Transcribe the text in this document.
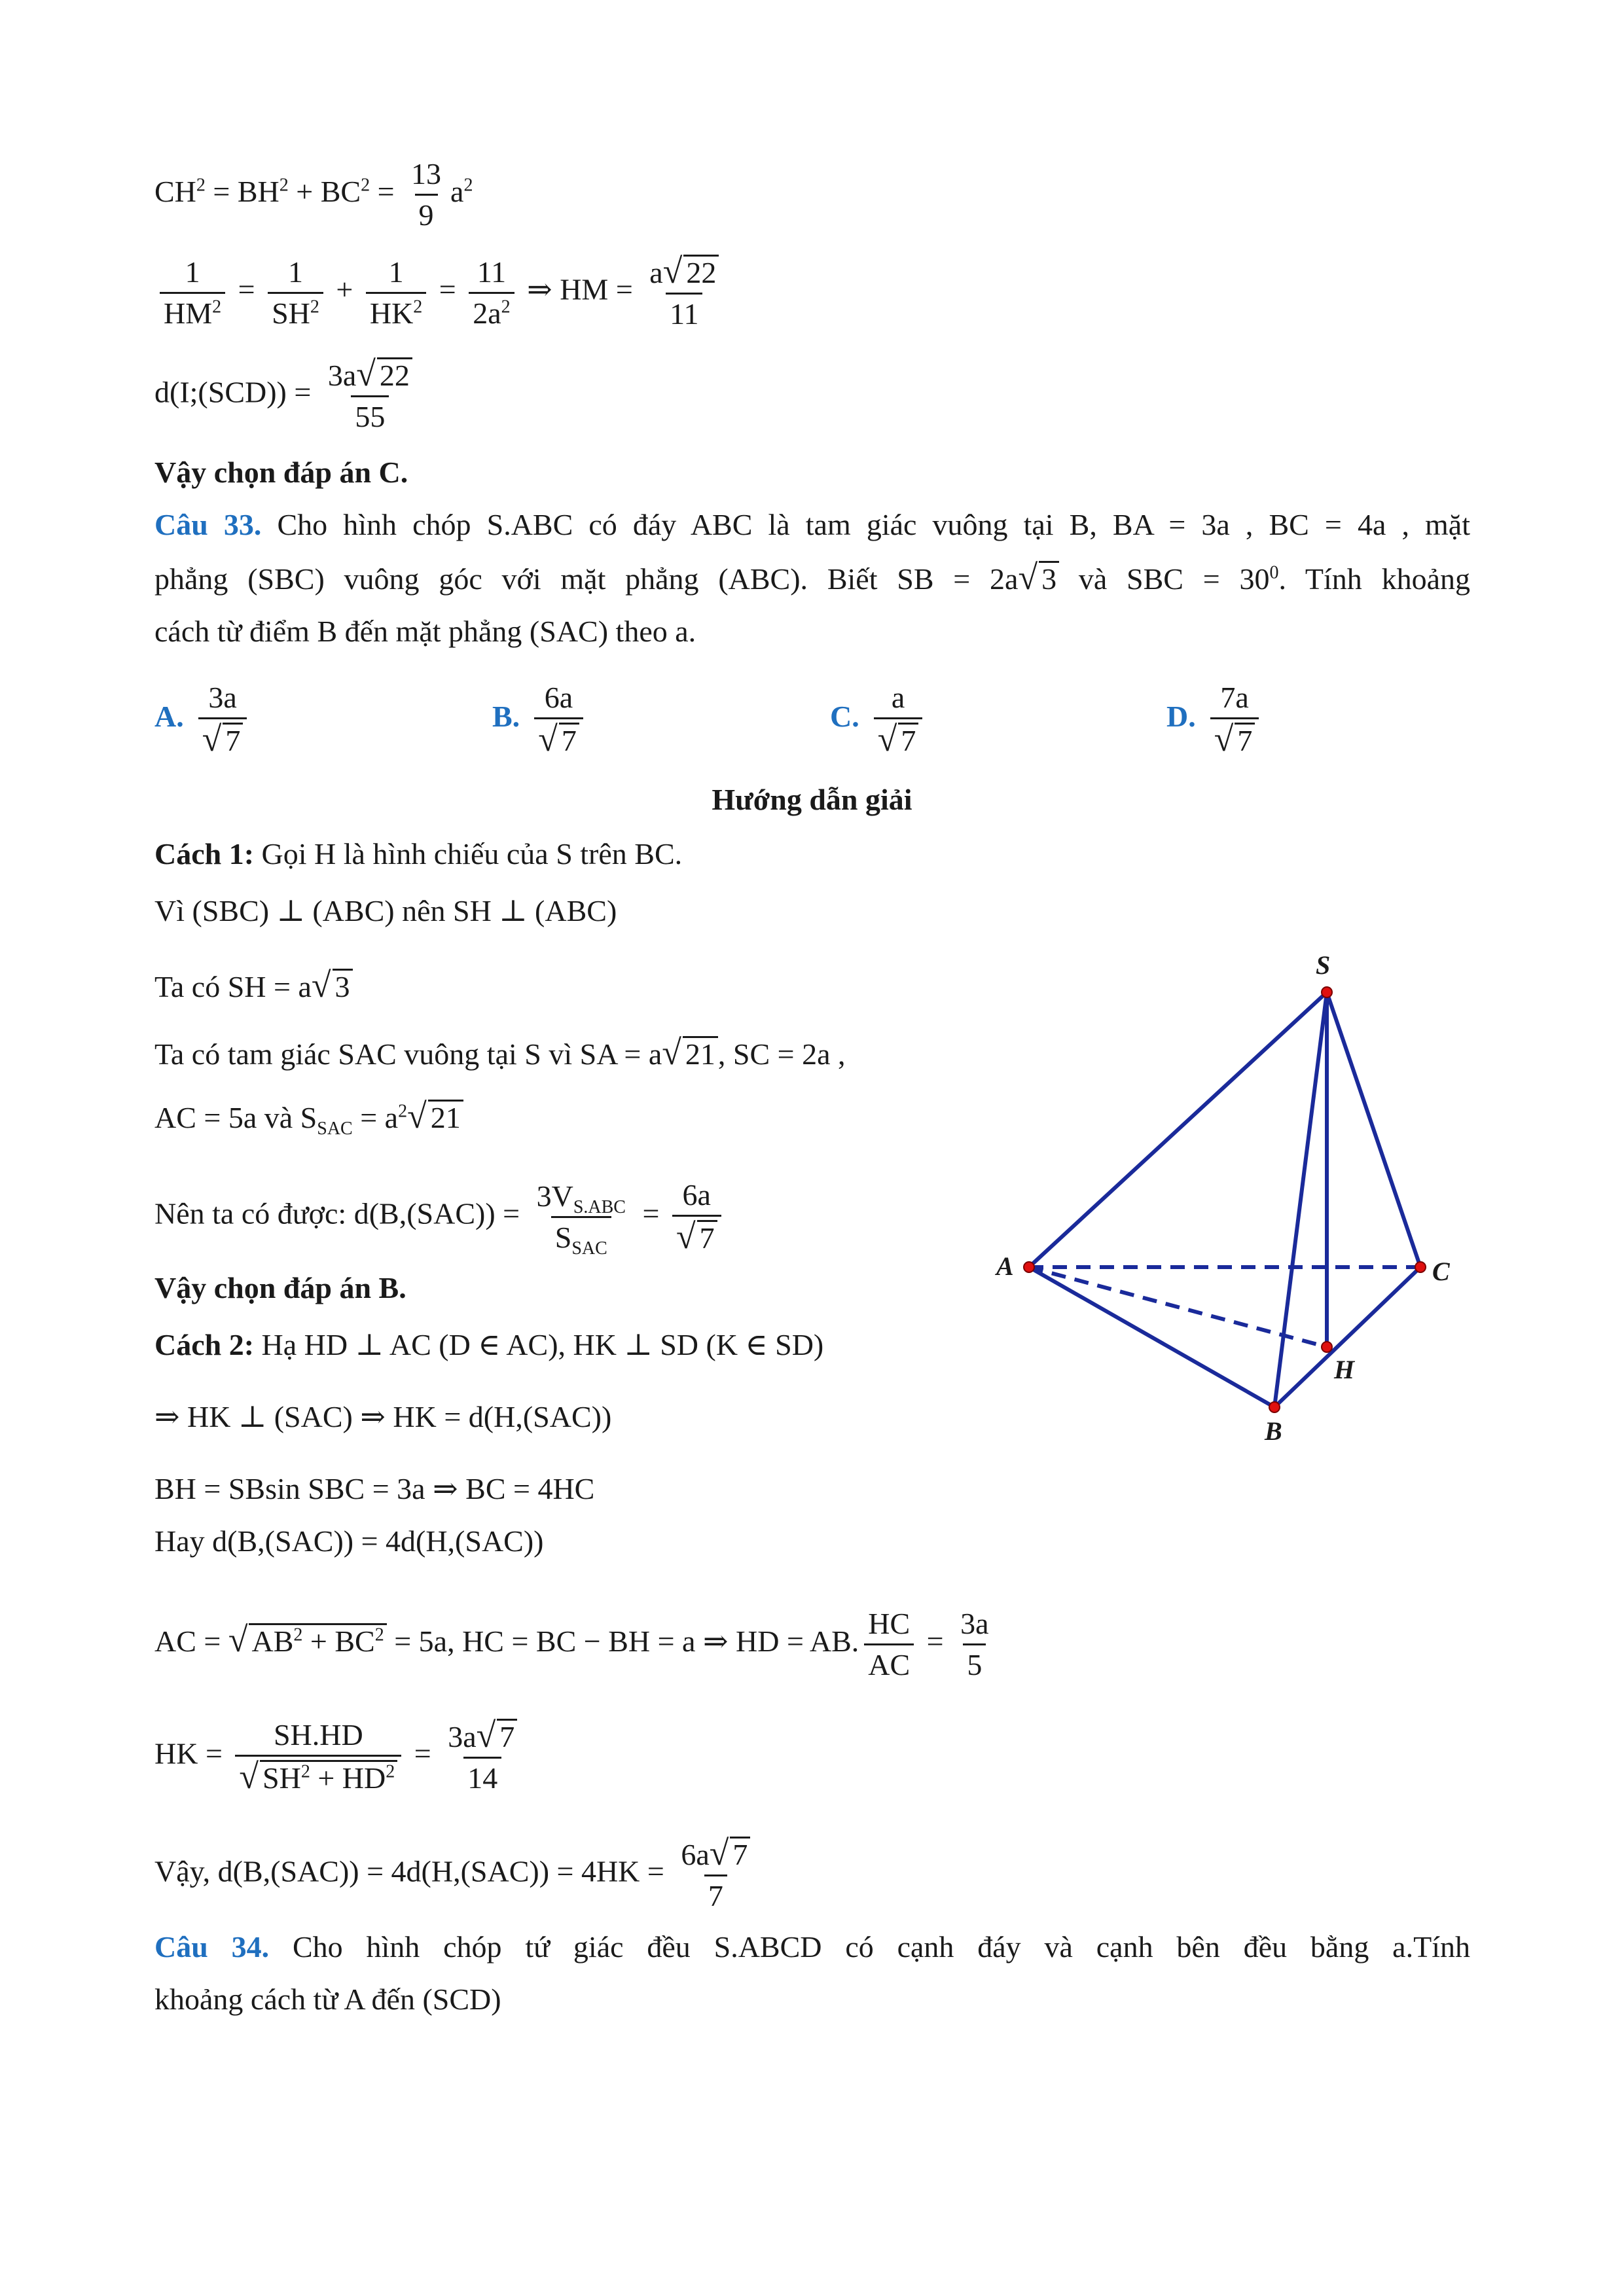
$CH^2 = BH^2 + BC^2 = \frac{13}{9} a^2$
$\frac{1}{HM^2} = \frac{1}{SH^2} + \frac{1}{HK^2} = \frac{11}{2a^2}$ ⇒ HM = $\frac{a√ 22}{11}$
d(I;(SCD)) = $\frac{3a√ 22}{55}$
Vậy chọn đáp án C.
Câu 33. Cho hình chóp S.ABC có đáy ABC là tam giác vuông tại B, BA = 3a , BC = 4a , mặt
phẳng (SBC) vuông góc với mặt phẳng (ABC). Biết SB = 2a√ 3 và SBC = $30^0$. Tính khoảng
cách từ điểm B đến mặt phẳng (SAC) theo a.
A. $\frac{3a}{√ 7}$	B. $\frac{6a}{√ 7}$	C. $\frac{a}{√ 7}$	D. $\frac{7a}{√ 7}$
Hướng dẫn giải
Cách 1: Gọi H là hình chiếu của S trên BC.
Vì (SBC) ⊥ (ABC) nên SH ⊥ (ABC)
Ta có SH = a√ 3
Ta có tam giác SAC vuông tại S vì SA = a√ 21, SC = 2a ,
AC = 5a và $S_{SAC} = a^2√$ 21
Nên ta có được: $d(B,(SAC)) = \frac{3V_{S.ABC}}{S_{SAC}} = \frac{6a}{√ 7}$
Vậy chọn đáp án B.
Cách 2: Hạ HD ⊥ AC (D ∈ AC), HK ⊥ SD (K ∈ SD)
⇒ HK ⊥ (SAC) ⇒ HK = d(H,(SAC))
BH = SBsin SBC = 3a ⇒ BC = 4HC
Hay d(B,(SAC)) = 4d(H,(SAC))
AC = √ $AB^2 + BC^2 = 5a$, HC = BC − BH = a ⇒ HD = AB. $\frac{HC}{AC} = \frac{3a}{5}$
HK = $\frac{SH.HD}{√ SH^2 + HD^2} = \frac{3a√ 7}{14}$
Vậy, $d(B,(SAC)) = 4d(H,(SAC)) = 4HK = \frac{6a√ 7}{7}$
Câu 34. Cho hình chóp tứ giác đều S.ABCD có cạnh đáy và cạnh bên đều bằng a.Tính
khoảng cách từ A đến (SCD)
S
A	C
B
H
